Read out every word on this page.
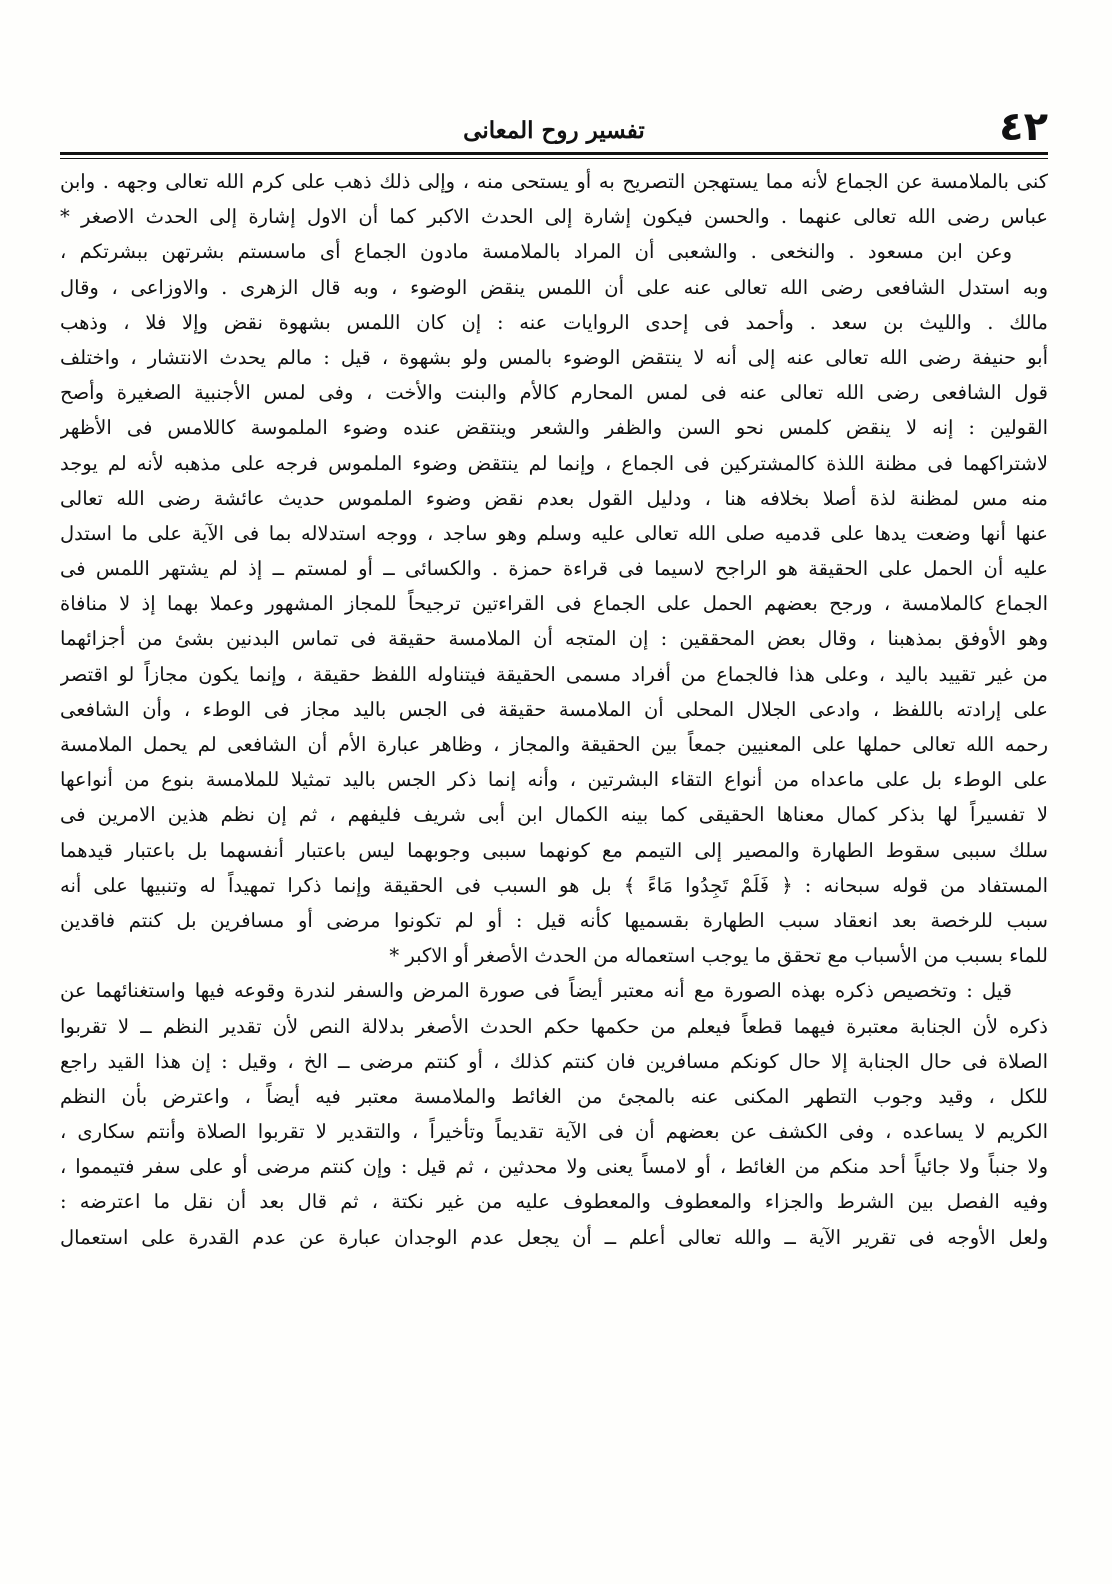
٤٢
تفسير روح المعانى
كنى بالملامسة عن الجماع لأنه مما يستهجن التصريح به أو يستحى منه ، وإلى ذلك ذهب على كرم الله تعالى وجهه . وابن
عباس رضى الله تعالى عنهما . والحسن فيكون إشارة إلى الحدث الاكبر كما أن الاول إشارة إلى الحدث الاصغر *
وعن ابن مسعود . والنخعى . والشعبى أن المراد بالملامسة مادون الجماع أى ماسستم بشرتهن ببشرتكم ،
وبه استدل الشافعى رضى الله تعالى عنه على أن اللمس ينقض الوضوء ، وبه قال الزهرى . والاوزاعى ، وقال
مالك . والليث بن سعد . وأحمد فى إحدى الروايات عنه : إن كان اللمس بشهوة نقض وإلا فلا ، وذهب
أبو حنيفة رضى الله تعالى عنه إلى أنه لا ينتقض الوضوء بالمس ولو بشهوة ، قيل : مالم يحدث الانتشار ، واختلف
قول الشافعى رضى الله تعالى عنه فى لمس المحارم كالأم والبنت والأخت ، وفى لمس الأجنبية الصغيرة وأصح
القولين : إنه لا ينقض كلمس نحو السن والظفر والشعر وينتقض عنده وضوء الملموسة كاللامس فى الأظهر
لاشتراكهما فى مظنة اللذة كالمشتركين فى الجماع ، وإنما لم ينتقض وضوء الملموس فرجه على مذهبه لأنه لم يوجد
منه مس لمظنة لذة أصلا بخلافه هنا ، ودليل القول بعدم نقض وضوء الملموس حديث عائشة رضى الله تعالى
عنها أنها وضعت يدها على قدميه صلى الله تعالى عليه وسلم وهو ساجد ، ووجه استدلاله بما فى الآية على ما استدل
عليه أن الحمل على الحقيقة هو الراجح لاسيما فى قراءة حمزة . والكسائى ــ أو لمستم ــ إذ لم يشتهر اللمس فى
الجماع كالملامسة ، ورجح بعضهم الحمل على الجماع فى القراءتين ترجيحاً للمجاز المشهور وعملا بهما إذ لا منافاة
وهو الأوفق بمذهبنا ، وقال بعض المحققين : إن المتجه أن الملامسة حقيقة فى تماس البدنين بشئ من أجزائهما
من غير تقييد باليد ، وعلى هذا فالجماع من أفراد مسمى الحقيقة فيتناوله اللفظ حقيقة ، وإنما يكون مجازاً لو اقتصر
على إرادته باللفظ ، وادعى الجلال المحلى أن الملامسة حقيقة فى الجس باليد مجاز فى الوطء ، وأن الشافعى
رحمه الله تعالى حملها على المعنيين جمعاً بين الحقيقة والمجاز ، وظاهر عبارة الأم أن الشافعى لم يحمل الملامسة
على الوطء بل على ماعداه من أنواع التقاء البشرتين ، وأنه إنما ذكر الجس باليد تمثيلا للملامسة بنوع من أنواعها
لا تفسيراً لها بذكر كمال معناها الحقيقى كما بينه الكمال ابن أبى شريف فليفهم ، ثم إن نظم هذين الامرين فى
سلك سببى سقوط الطهارة والمصير إلى التيمم مع كونهما سببى وجوبهما ليس باعتبار أنفسهما بل باعتبار قيدهما
المستفاد من قوله سبحانه : ﴿ فَلَمْ تَجِدُوا مَاءً ﴾ بل هو السبب فى الحقيقة وإنما ذكرا تمهيداً له وتنبيها على أنه
سبب للرخصة بعد انعقاد سبب الطهارة بقسميها كأنه قيل : أو لم تكونوا مرضى أو مسافرين بل كنتم فاقدين
للماء بسبب من الأسباب مع تحقق ما يوجب استعماله من الحدث الأصغر أو الاكبر *
قيل : وتخصيص ذكره بهذه الصورة مع أنه معتبر أيضاً فى صورة المرض والسفر لندرة وقوعه فيها واستغنائهما عن
ذكره لأن الجنابة معتبرة فيهما قطعاً فيعلم من حكمها حكم الحدث الأصغر بدلالة النص لأن تقدير النظم ــ لا تقربوا
الصلاة فى حال الجنابة إلا حال كونكم مسافرين فان كنتم كذلك ، أو كنتم مرضى ــ الخ ، وقيل : إن هذا القيد راجع
للكل ، وقيد وجوب التطهر المكنى عنه بالمجئ من الغائط والملامسة معتبر فيه أيضاً ، واعترض بأن النظم
الكريم لا يساعده ، وفى الكشف عن بعضهم أن فى الآية تقديماً وتأخيراً ، والتقدير لا تقربوا الصلاة وأنتم سكارى ،
ولا جنباً ولا جائياً أحد منكم من الغائط ، أو لامساً يعنى ولا محدثين ، ثم قيل : وإن كنتم مرضى أو على سفر فتيمموا ،
وفيه الفصل بين الشرط والجزاء والمعطوف والمعطوف عليه من غير نكتة ، ثم قال بعد أن نقل ما اعترضه :
ولعل الأوجه فى تقرير الآية ــ والله تعالى أعلم ــ أن يجعل عدم الوجدان عبارة عن عدم القدرة على استعمال
